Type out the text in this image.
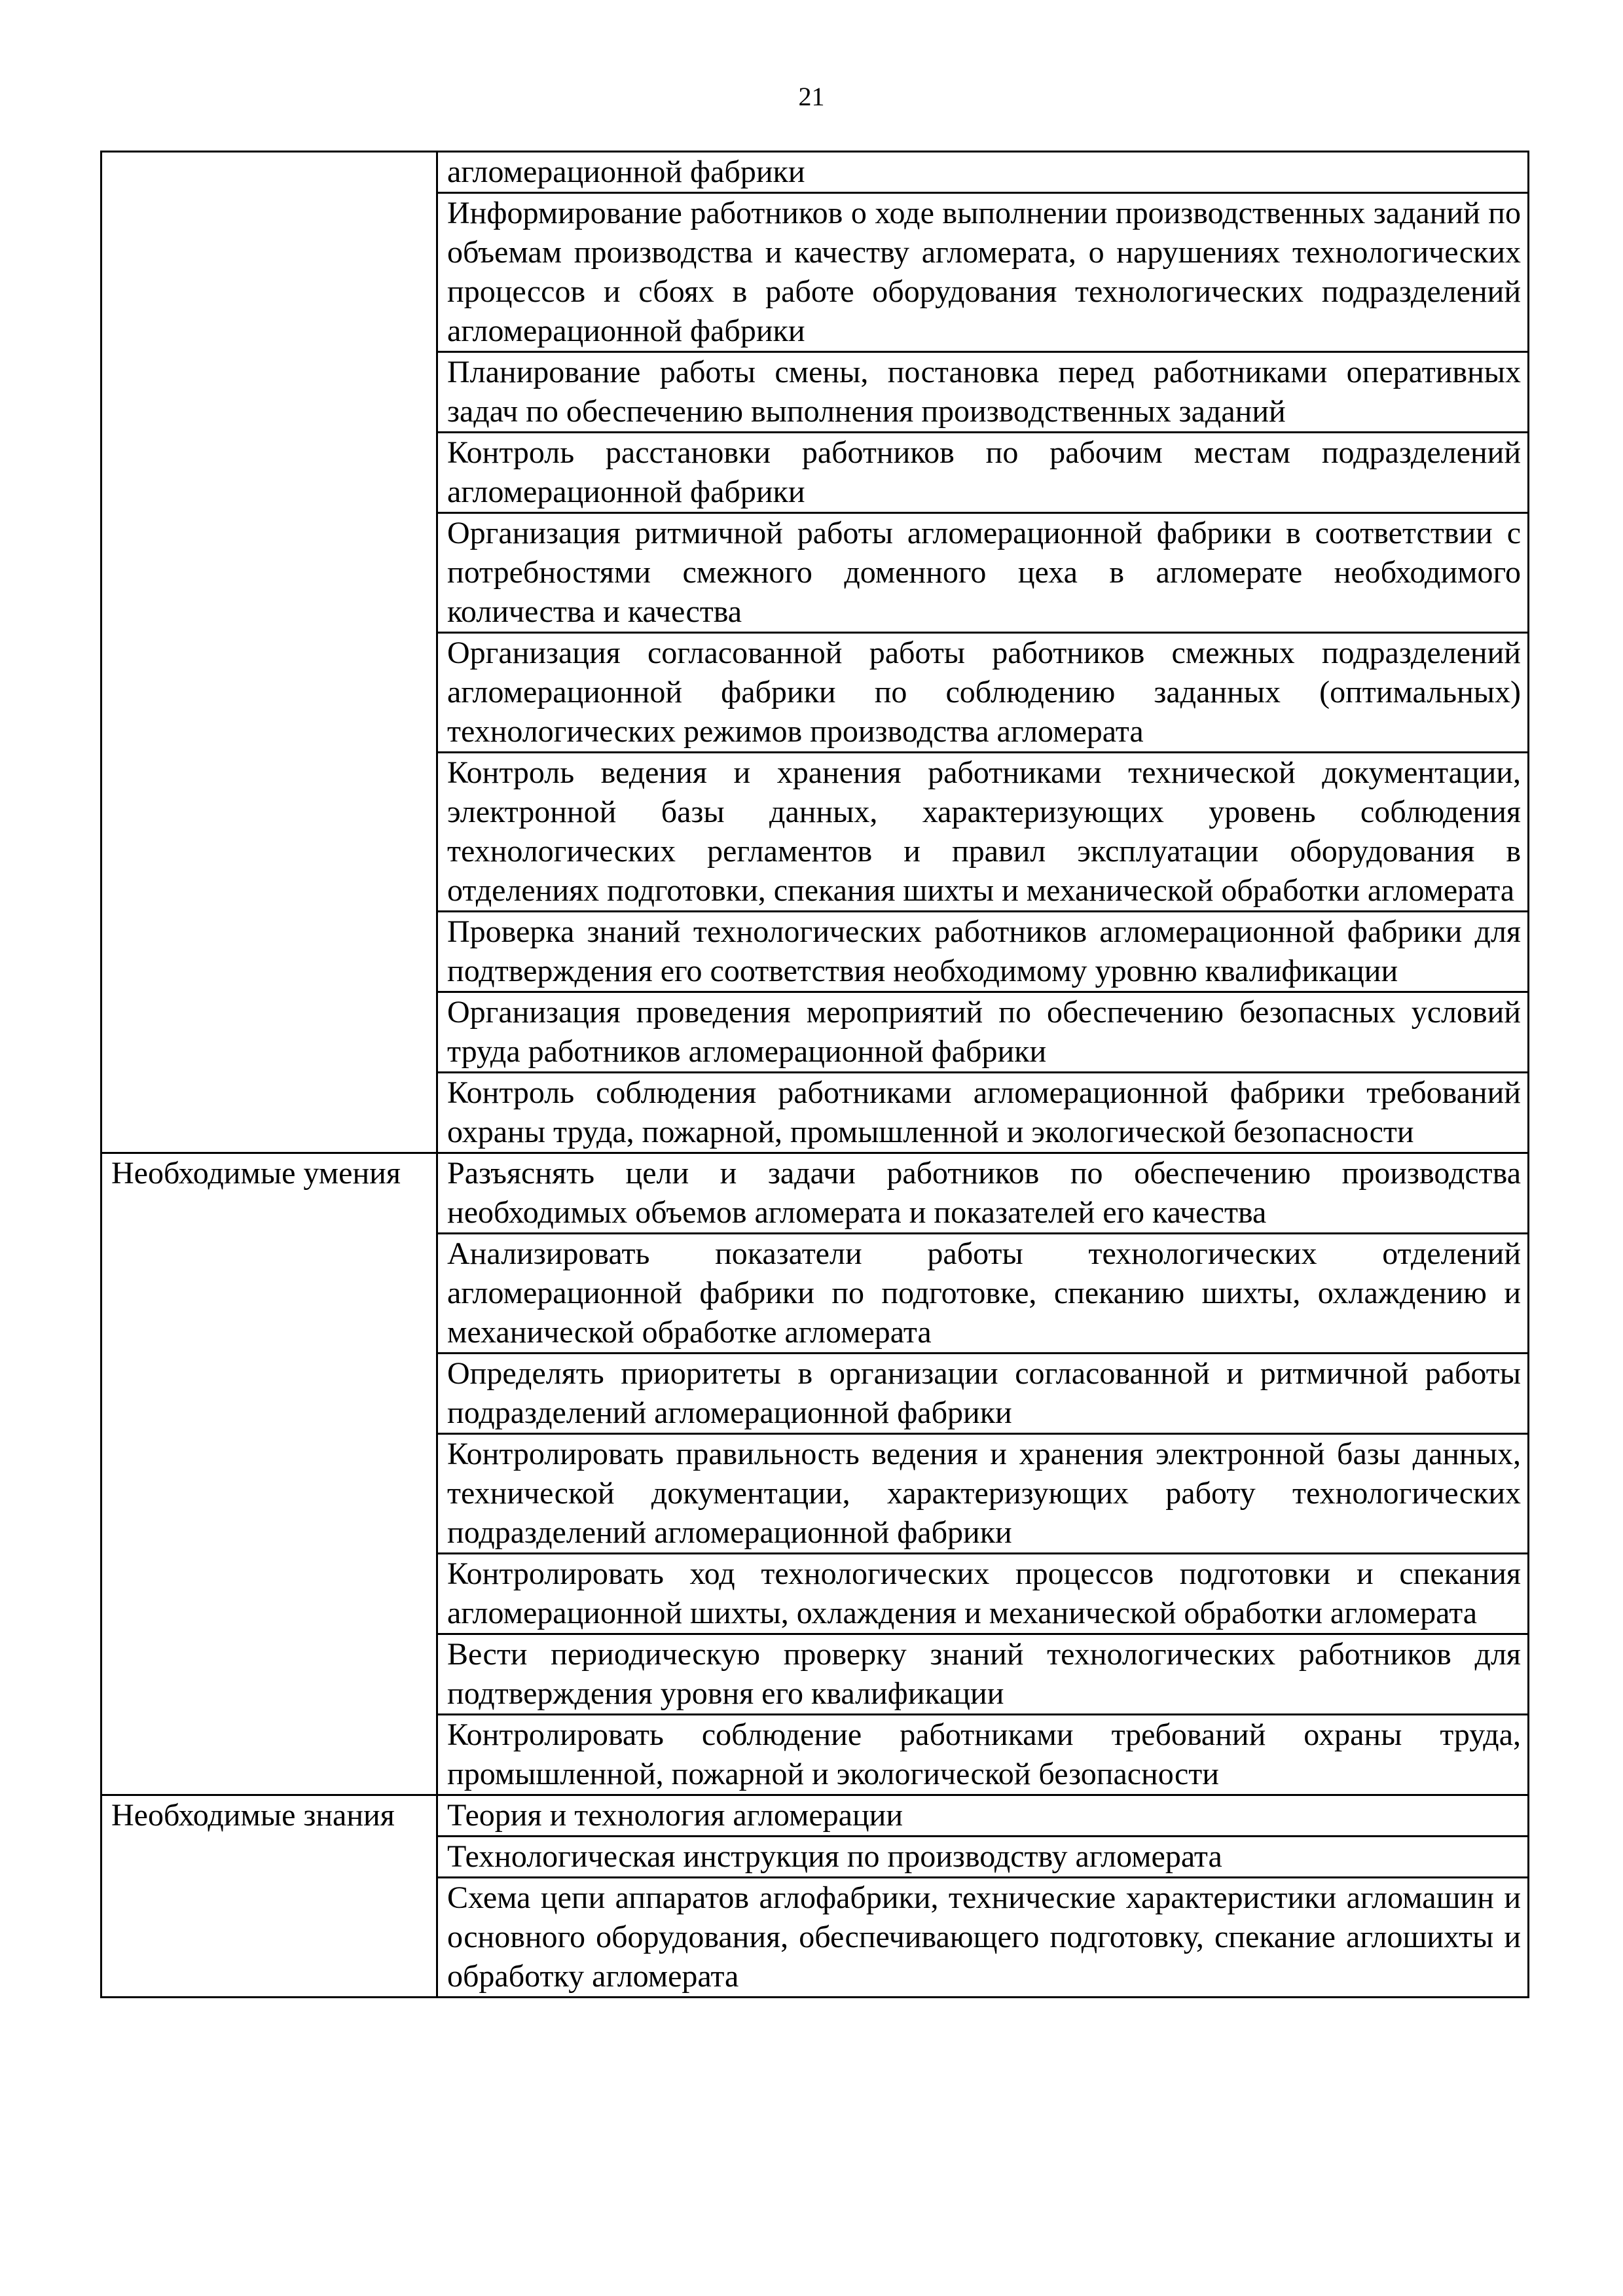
21
	агломерационной фабрики
	Информирование работников о ходе выполнении производственных заданий по объемам производства и качеству агломерата, о нарушениях технологических процессов и сбоях в работе оборудования технологических подразделений агломерационной фабрики
	Планирование работы смены, постановка перед работниками оперативных задач по обеспечению выполнения производственных заданий
	Контроль расстановки работников по рабочим местам подразделений агломерационной фабрики
	Организация ритмичной работы агломерационной фабрики в соответствии с потребностями смежного доменного цеха в агломерате необходимого количества и качества
	Организация согласованной работы работников смежных подразделений агломерационной фабрики по соблюдению заданных (оптимальных) технологических режимов производства агломерата
	Контроль ведения и хранения работниками технической документации, электронной базы данных, характеризующих уровень соблюдения технологических регламентов и правил эксплуатации оборудования в отделениях подготовки, спекания шихты и механической обработки агломерата
	Проверка знаний технологических работников агломерационной фабрики для подтверждения его соответствия необходимому уровню квалификации
	Организация проведения мероприятий по обеспечению безопасных условий труда работников агломерационной фабрики
	Контроль соблюдения работниками агломерационной фабрики требований охраны труда, пожарной, промышленной и экологической безопасности
Необходимые умения	Разъяснять цели и задачи работников по обеспечению производства необходимых объемов агломерата и показателей его качества
	Анализировать показатели работы технологических отделений агломерационной фабрики по подготовке, спеканию шихты, охлаждению и механической обработке агломерата
	Определять приоритеты в организации согласованной и ритмичной работы подразделений агломерационной фабрики
	Контролировать правильность ведения и хранения электронной базы данных, технической документации, характеризующих работу технологических подразделений агломерационной фабрики
	Контролировать ход технологических процессов подготовки и спекания агломерационной шихты, охлаждения и механической обработки агломерата
	Вести периодическую проверку знаний технологических работников для подтверждения уровня его квалификации
	Контролировать соблюдение работниками требований охраны труда, промышленной, пожарной и экологической безопасности
Необходимые знания	Теория и технология агломерации
	Технологическая инструкция по производству агломерата
	Схема цепи аппаратов аглофабрики, технические характеристики агломашин и основного оборудования, обеспечивающего подготовку, спекание аглошихты и обработку агломерата
